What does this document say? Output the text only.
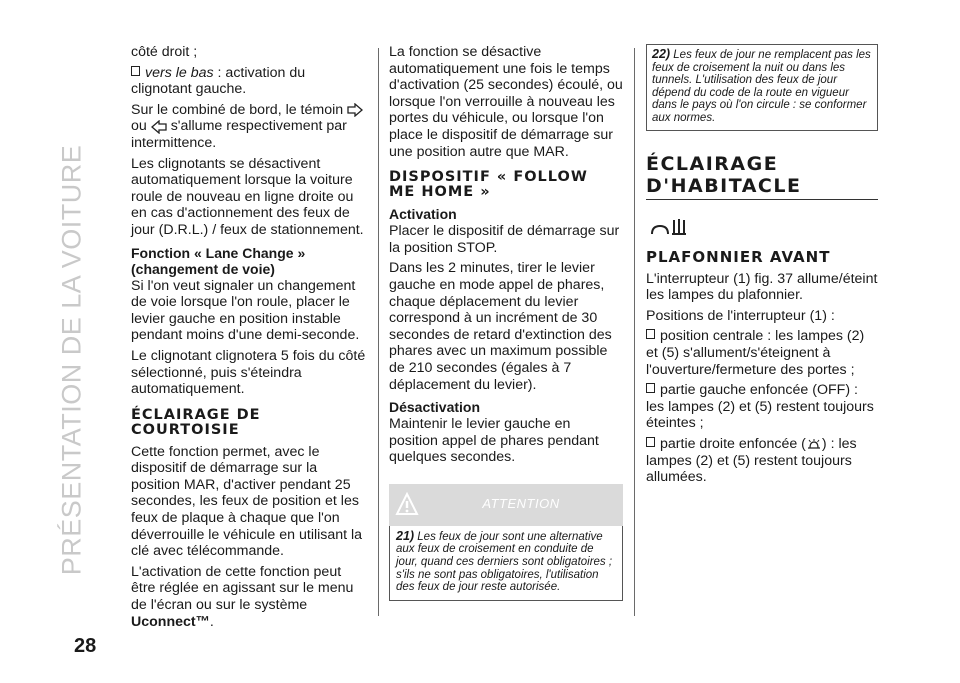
PRÉSENTATION DE LA VOITURE
28

côté droit ;

vers le bas : activation du clignotant gauche.

Sur le combiné de bord, le témoin
ou s'allume respectivement par intermittence.

Les clignotants se désactivent automatiquement lorsque la voiture roule de nouveau en ligne droite ou en cas d'actionnement des feux de jour (D.R.L.) / feux de stationnement.

Fonction « Lane Change »
(changement de voie)

Si l'on veut signaler un changement de voie lorsque l'on roule, placer le levier gauche en position instable pendant moins d'une demi-seconde.

Le clignotant clignotera 5 fois du côté sélectionné, puis s'éteindra automatiquement.

ÉCLAIRAGE DE
COURTOISIE

Cette fonction permet, avec le dispositif de démarrage sur la position MAR, d'activer pendant 25 secondes, les feux de position et les feux de plaque à chaque que l'on déverrouille le véhicule en utilisant la clé avec télécommande.

L'activation de cette fonction peut être réglée en agissant sur le menu de l'écran ou sur le système Uconnect™.

La fonction se désactive automatiquement une fois le temps d'activation (25 secondes) écoulé, ou lorsque l'on verrouille à nouveau les portes du véhicule, ou lorsque l'on place le dispositif de démarrage sur une position autre que MAR.

DISPOSITIF « FOLLOW
ME HOME »
Activation

Placer le dispositif de démarrage sur la position STOP.

Dans les 2 minutes, tirer le levier gauche en mode appel de phares, chaque déplacement du levier correspond à un incrément de 30 secondes de retard d'extinction des phares avec un maximum possible de 210 secondes (égales à 7 déplacement du levier).

Désactivation

Maintenir le levier gauche en position appel de phares pendant quelques secondes.

ATTENTION
21) Les feux de jour sont une alternative aux feux de croisement en conduite de jour, quand ces derniers sont obligatoires ; s'ils ne sont pas obligatoires, l'utilisation des feux de jour reste autorisée.
22) Les feux de jour ne remplacent pas les feux de croisement la nuit ou dans les tunnels. L'utilisation des feux de jour dépend du code de la route en vigueur dans le pays où l'on circule : se conformer aux normes.
ÉCLAIRAGE
D'HABITACLE
PLAFONNIER AVANT

L'interrupteur (1) fig. 37 allume/éteint les lampes du plafonnier.

Positions de l'interrupteur (1) :

position centrale : les lampes (2) et (5) s'allument/s'éteignent à l'ouverture/fermeture des portes ;

partie gauche enfoncée (OFF) : les lampes (2) et (5) restent toujours éteintes ;

partie droite enfoncée ( ) : les lampes (2) et (5) restent toujours allumées.
